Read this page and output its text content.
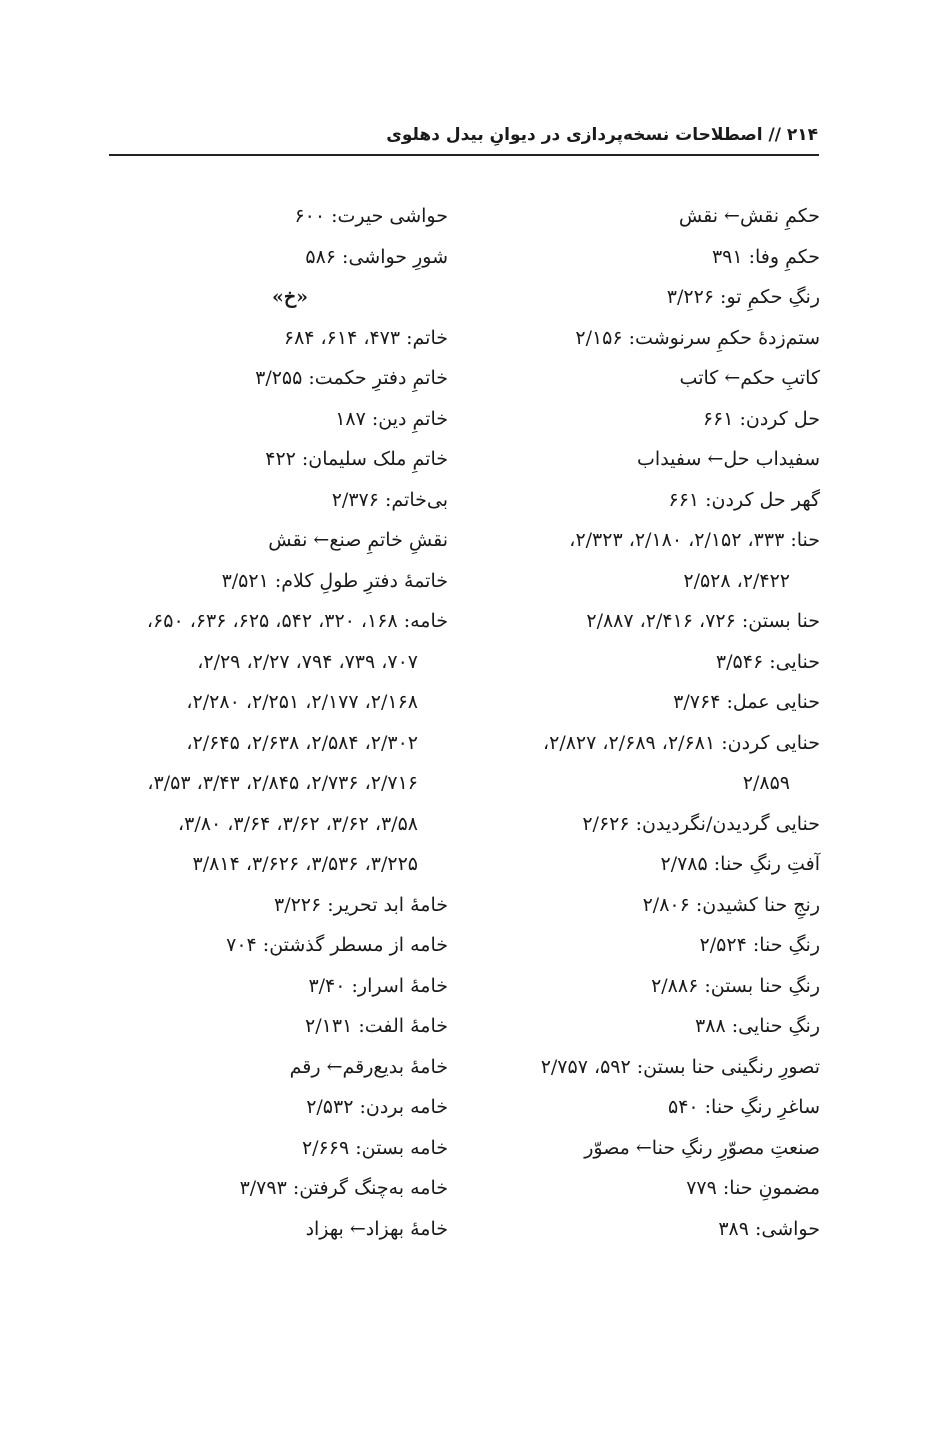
۲۱۴ // اصطلاحات نسخه‌پردازی در دیوانِ بیدل دهلوی
حکمِ نقش← نقش
حکمِ وفا: ۳۹۱
رنگِ حکمِ تو: ۳/۲۲۶
ستم‌زدهٔ حکمِ سرنوشت: ۲/۱۵۶
کاتبِ حکم← کاتب
حل کردن: ۶۶۱
سفیداب حل← سفیداب
گهر حل کردن: ۶۶۱
حنا: ۳۳۳، ۲/۱۵۲، ۲/۱۸۰، ۲/۳۲۳،
۲/۴۲۲، ۲/۵۲۸
حنا بستن: ۷۲۶، ۲/۴۱۶، ۲/۸۸۷
حنایی: ۳/۵۴۶
حنایی عمل: ۳/۷۶۴
حنایی کردن: ۲/۶۸۱، ۲/۶۸۹، ۲/۸۲۷،
۲/۸۵۹
حنایی گردیدن/نگردیدن: ۲/۶۲۶
آفتِ رنگِ حنا: ۲/۷۸۵
رنجِ حنا کشیدن: ۲/۸۰۶
رنگِ حنا: ۲/۵۲۴
رنگِ حنا بستن: ۲/۸۸۶
رنگِ حنایی: ۳۸۸
تصورِ رنگینی حنا بستن: ۵۹۲، ۲/۷۵۷
ساغرِ رنگِ حنا: ۵۴۰
صنعتِ مصوّرِ رنگِ حنا← مصوّر
مضمونِ حنا: ۷۷۹
حواشی: ۳۸۹
حواشی حیرت: ۶۰۰
شورِ حواشی: ۵۸۶
«خ»
خاتم: ۴۷۳، ۶۱۴، ۶۸۴
خاتمِ دفترِ حکمت: ۳/۲۵۵
خاتمِ دین: ۱۸۷
خاتمِ ملک سلیمان: ۴۲۲
بی‌خاتم: ۲/۳۷۶
نقشِ خاتمِ صنع← نقش
خاتمهٔ دفترِ طولِ کلام: ۳/۵۲۱
خامه: ۱۶۸، ۳۲۰، ۵۴۲، ۶۲۵، ۶۳۶، ۶۵۰،
۷۰۷، ۷۳۹، ۷۹۴، ۲/۲۷، ۲/۲۹،
۲/۱۶۸، ۲/۱۷۷، ۲/۲۵۱، ۲/۲۸۰،
۲/۳۰۲، ۲/۵۸۴، ۲/۶۳۸، ۲/۶۴۵،
۲/۷۱۶، ۲/۷۳۶، ۲/۸۴۵، ۳/۴۳، ۳/۵۳،
۳/۵۸، ۳/۶۲، ۳/۶۲، ۳/۶۴، ۳/۸۰،
۳/۲۲۵، ۳/۵۳۶، ۳/۶۲۶، ۳/۸۱۴
خامهٔ ابد تحریر: ۳/۲۲۶
خامه از مسطر گذشتن: ۷۰۴
خامهٔ اسرار: ۳/۴۰
خامهٔ الفت: ۲/۱۳۱
خامهٔ بدیع‌رقم← رقم
خامه بردن: ۲/۵۳۲
خامه بستن: ۲/۶۶۹
خامه به‌چنگ گرفتن: ۳/۷۹۳
خامهٔ بهزاد← بهزاد
